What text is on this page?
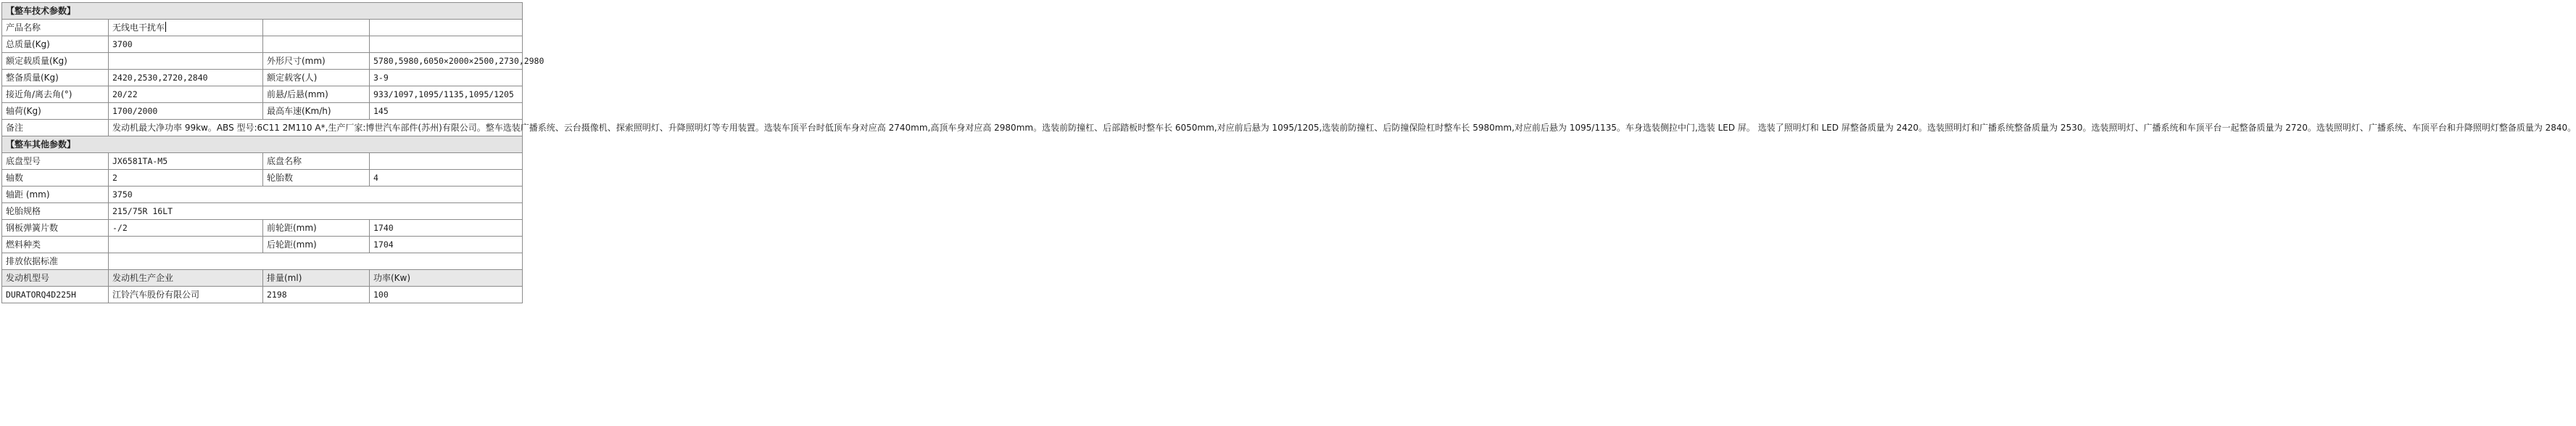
【整车技术参数】			
产品名称	无线电干扰车		
总质量(Kg)	3700		
额定载质量(Kg)		外形尺寸(mm)	5780,5980,6050×2000×2500,2730,2980
整备质量(Kg)	2420,2530,2720,2840	额定载客(人)	3-9
接近角/离去角(°)	20/22	前悬/后悬(mm)	933/1097,1095/1135,1095/1205
轴荷(Kg)	1700/2000	最高车速(Km/h)	145
备注	发动机最大净功率 99kw。ABS 型号:6C11 2M110 A*,生产厂家:博世汽车部件(苏州)有限公司。整车选装广播系统、云台摄像机、探索照明灯、升降照明灯等专用装置。选装车顶平台时低顶车身对应高 2740mm,高顶车身对应高 2980mm。选装前防撞杠、后部踏板时整车长 6050mm,对应前后悬为 1095/1205,选装前防撞杠、后防撞保险杠时整车长 5980mm,对应前后悬为 1095/1135。车身选装侧拉中门,选装 LED 屏。 选装了照明灯和 LED 屏整备质量为 2420。选装照明灯和广播系统整备质量为 2530。选装照明灯、广播系统和车顶平台一起整备质量为 2720。选装照明灯、广播系统、车顶平台和升降照明灯整备质量为 2840。		
【整车其他参数】			
底盘型号	JX6581TA-M5	底盘名称	
轴数	2	轮胎数	4
轴距 (mm)	3750		
轮胎规格	215/75R 16LT		
钢板弹簧片数	-/2	前轮距(mm)	1740
燃料种类		后轮距(mm)	1704
排放依据标准			
发动机型号	发动机生产企业	排量(ml)	功率(Kw)
DURATORQ4D225H	江铃汽车股份有限公司	2198	100
